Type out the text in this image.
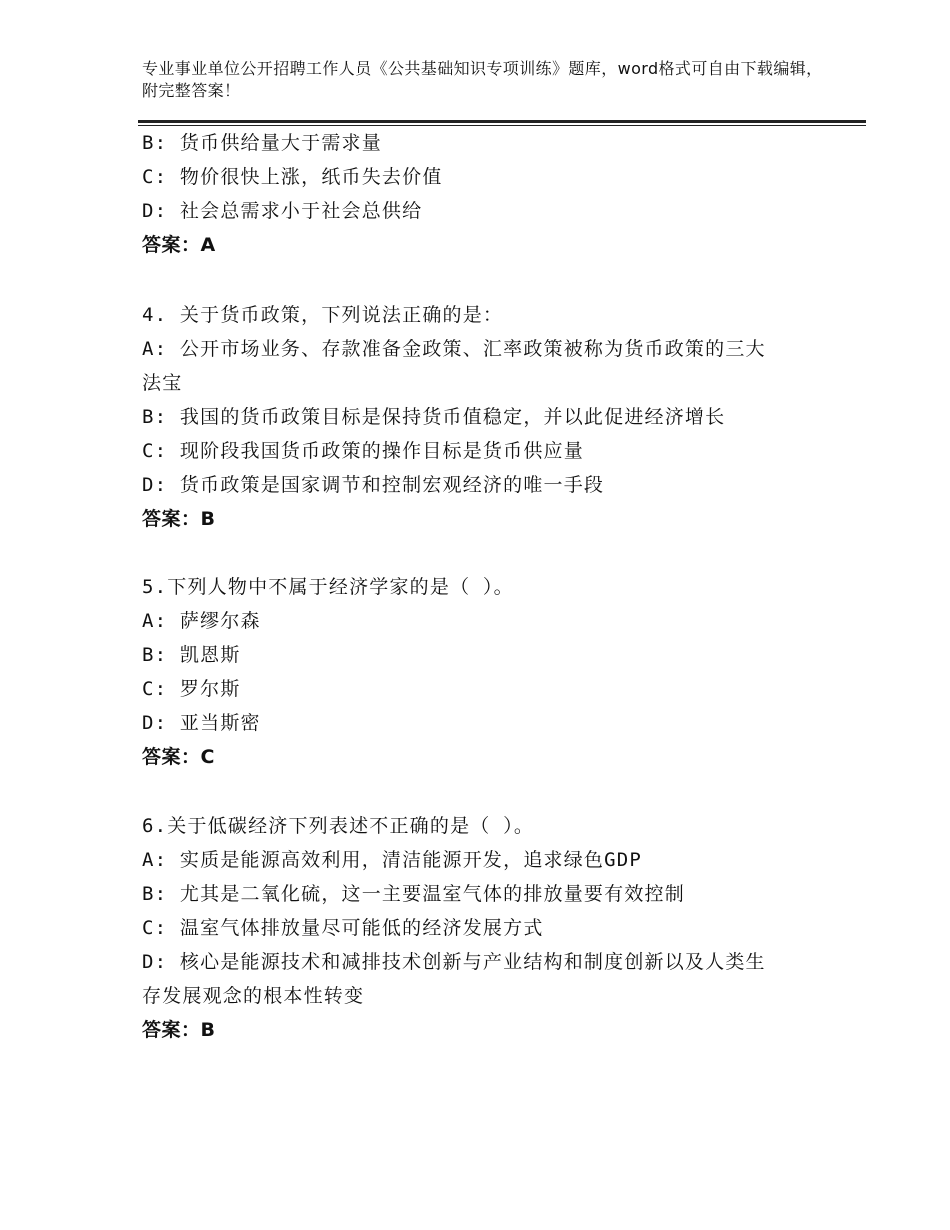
专业事业单位公开招聘工作人员《公共基础知识专项训练》题库，word格式可自由下载编辑，附完整答案！
B: 货币供给量大于需求量
C: 物价很快上涨，纸币失去价值
D: 社会总需求小于社会总供给
答案：A
4. 关于货币政策，下列说法正确的是：
A: 公开市场业务、存款准备金政策、汇率政策被称为货币政策的三大
法宝
B: 我国的货币政策目标是保持货币值稳定，并以此促进经济增长
C: 现阶段我国货币政策的操作目标是货币供应量
D: 货币政策是国家调节和控制宏观经济的唯一手段
答案：B
5.下列人物中不属于经济学家的是（ ）。
A: 萨缪尔森
B: 凯恩斯
C: 罗尔斯
D: 亚当斯密
答案：C
6.关于低碳经济下列表述不正确的是（ ）。
A: 实质是能源高效利用，清洁能源开发，追求绿色GDP
B: 尤其是二氧化硫，这一主要温室气体的排放量要有效控制
C: 温室气体排放量尽可能低的经济发展方式
D: 核心是能源技术和减排技术创新与产业结构和制度创新以及人类生
存发展观念的根本性转变
答案：B
